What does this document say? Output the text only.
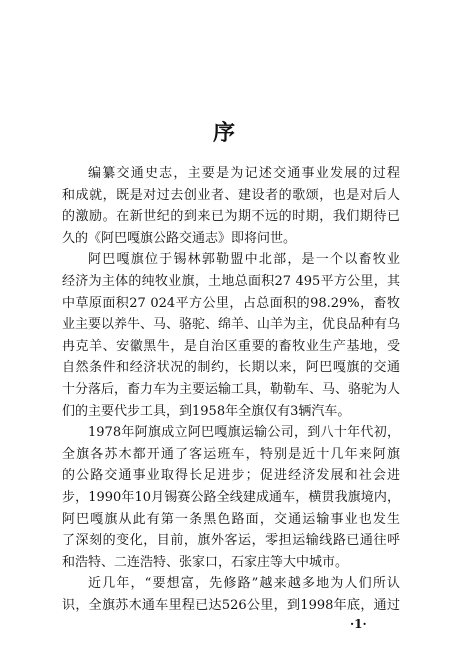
序
编纂交通史志，主要是为记述交通事业发展的过程
和成就，既是对过去创业者、建设者的歌颂，也是对后人
的激励。在新世纪的到来已为期不远的时期，我们期待已
久的《阿巴嘎旗公路交通志》即将问世。
阿巴嘎旗位于锡林郭勒盟中北部，是一个以畜牧业
经济为主体的纯牧业旗，土地总面积27 495平方公里，其
中草原面积27 024平方公里，占总面积的98.29%，畜牧
业主要以养牛、马、骆驼、绵羊、山羊为主，优良品种有乌
冉克羊、安徽黑牛，是自治区重要的畜牧业生产基地，受
自然条件和经济状况的制约，长期以来，阿巴嘎旗的交通
十分落后，畜力车为主要运输工具，勒勒车、马、骆驼为人
们的主要代步工具，到1958年全旗仅有3辆汽车。
1978年阿旗成立阿巴嘎旗运输公司，到八十年代初，
全旗各苏木都开通了客运班车，特别是近十几年来阿旗
的公路交通事业取得长足进步；促进经济发展和社会进
步，1990年10月锡赛公路全线建成通车，横贯我旗境内，
阿巴嘎旗从此有第一条黑色路面，交通运输事业也发生
了深刻的变化，目前，旗外客运，零担运输线路已通往呼
和浩特、二连浩特、张家口，石家庄等大中城市。
近几年，“要想富，先修路”越来越多地为人们所认
识，全旗苏木通车里程已达526公里，到1998年底，通过
·1·
